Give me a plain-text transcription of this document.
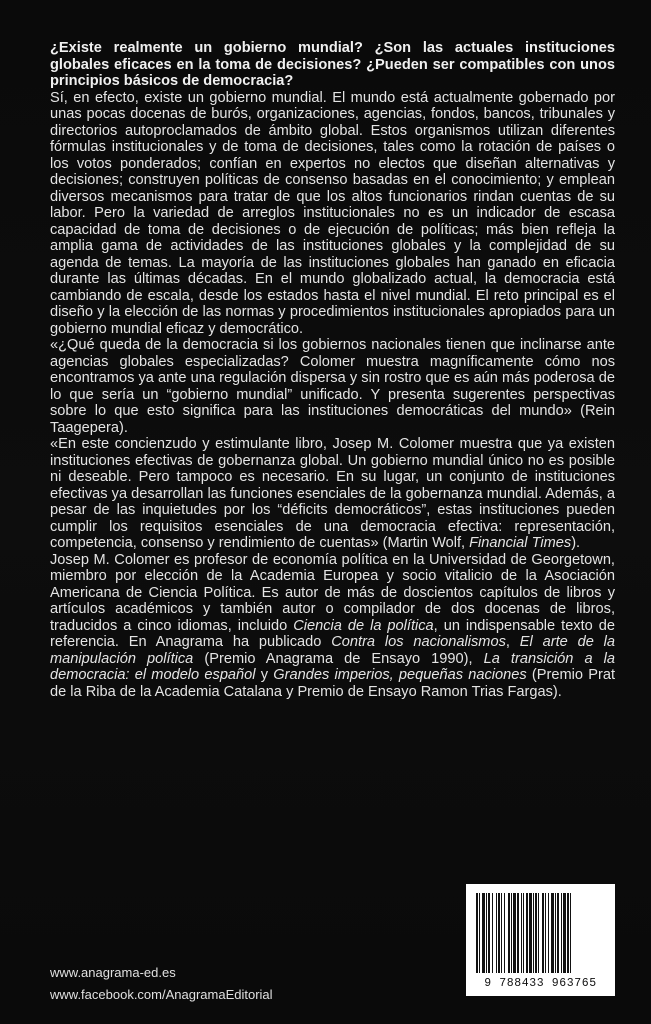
¿Existe realmente un gobierno mundial? ¿Son las actuales instituciones globales eficaces en la toma de decisiones? ¿Pueden ser compatibles con unos principios básicos de democracia?

Sí, en efecto, existe un gobierno mundial. El mundo está actualmente gobernado por unas pocas docenas de burós, organizaciones, agencias, fondos, bancos, tribunales y directorios autoproclamados de ámbito global. Estos organismos utilizan diferentes fórmulas institucionales y de toma de decisiones, tales como la rotación de países o los votos ponderados; confían en expertos no electos que diseñan alternativas y decisiones; construyen políticas de consenso basadas en el conocimiento; y emplean diversos mecanismos para tratar de que los altos funcionarios rindan cuentas de su labor. Pero la variedad de arreglos institucionales no es un indicador de escasa capacidad de toma de decisiones o de ejecución de políticas; más bien refleja la amplia gama de actividades de las instituciones globales y la complejidad de su agenda de temas. La mayoría de las instituciones globales han ganado en eficacia durante las últimas décadas. En el mundo globalizado actual, la democracia está cambiando de escala, desde los estados hasta el nivel mundial. El reto principal es el diseño y la elección de las normas y procedimientos institucionales apropiados para un gobierno mundial eficaz y democrático.

«¿Qué queda de la democracia si los gobiernos nacionales tienen que inclinarse ante agencias globales especializadas? Colomer muestra magníficamente cómo nos encontramos ya ante una regulación dispersa y sin rostro que es aún más poderosa de lo que sería un “gobierno mundial” unificado. Y presenta sugerentes perspectivas sobre lo que esto significa para las instituciones democráticas del mundo» (Rein Taagepera).

«En este concienzudo y estimulante libro, Josep M. Colomer muestra que ya existen instituciones efectivas de gobernanza global. Un gobierno mundial único no es posible ni deseable. Pero tampoco es necesario. En su lugar, un conjunto de instituciones efectivas ya desarrollan las funciones esenciales de la gobernanza mundial. Además, a pesar de las inquietudes por los “déficits democráticos”, estas instituciones pueden cumplir los requisitos esenciales de una democracia efectiva: representación, competencia, consenso y rendimiento de cuentas» (Martin Wolf, Financial Times).

Josep M. Colomer es profesor de economía política en la Universidad de Georgetown, miembro por elección de la Academia Europea y socio vitalicio de la Asociación Americana de Ciencia Política. Es autor de más de doscientos capítulos de libros y artículos académicos y también autor o compilador de dos docenas de libros, traducidos a cinco idiomas, incluido Ciencia de la política, un indispensable texto de referencia. En Anagrama ha publicado Contra los nacionalismos, El arte de la manipulación política (Premio Anagrama de Ensayo 1990), La transición a la democracia: el modelo español y Grandes imperios, pequeñas naciones (Premio Prat de la Riba de la Academia Catalana y Premio de Ensayo Ramon Trias Fargas).

www.anagrama-ed.es
www.facebook.com/AnagramaEditorial
9 788433 963765
